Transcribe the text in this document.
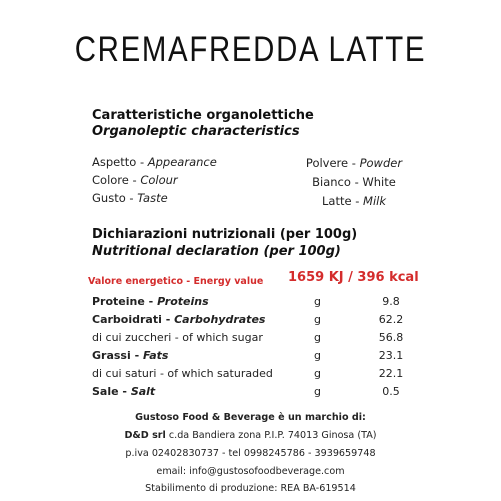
CREMAFREDDA LATTE
Caratteristiche organolettiche
Organoleptic characteristics
Aspetto - Appearance	Polvere - Powder
Colore - Colour	Bianco - White
Gusto - Taste	Latte - Milk
Dichiarazioni nutrizionali (per 100g)
Nutritional declaration (per 100g)
Valore energetico - Energy value 1659 KJ / 396 kcal
Proteine - Proteins	g	9.8
Carboidrati - Carbohydrates	g	62.2
di cui zuccheri - of which sugar	g	56.8
Grassi - Fats	g	23.1
di cui saturi - of which saturaded	g	22.1
Sale - Salt	g	0.5
Gustoso Food & Beverage è un marchio di:
D&D srl c.da Bandiera zona P.I.P. 74013 Ginosa (TA)
p.iva 02402830737 - tel 0998245786 - 3939659748
email: info@gustosofoodbeverage.com
Stabilimento di produzione: REA BA-619514
